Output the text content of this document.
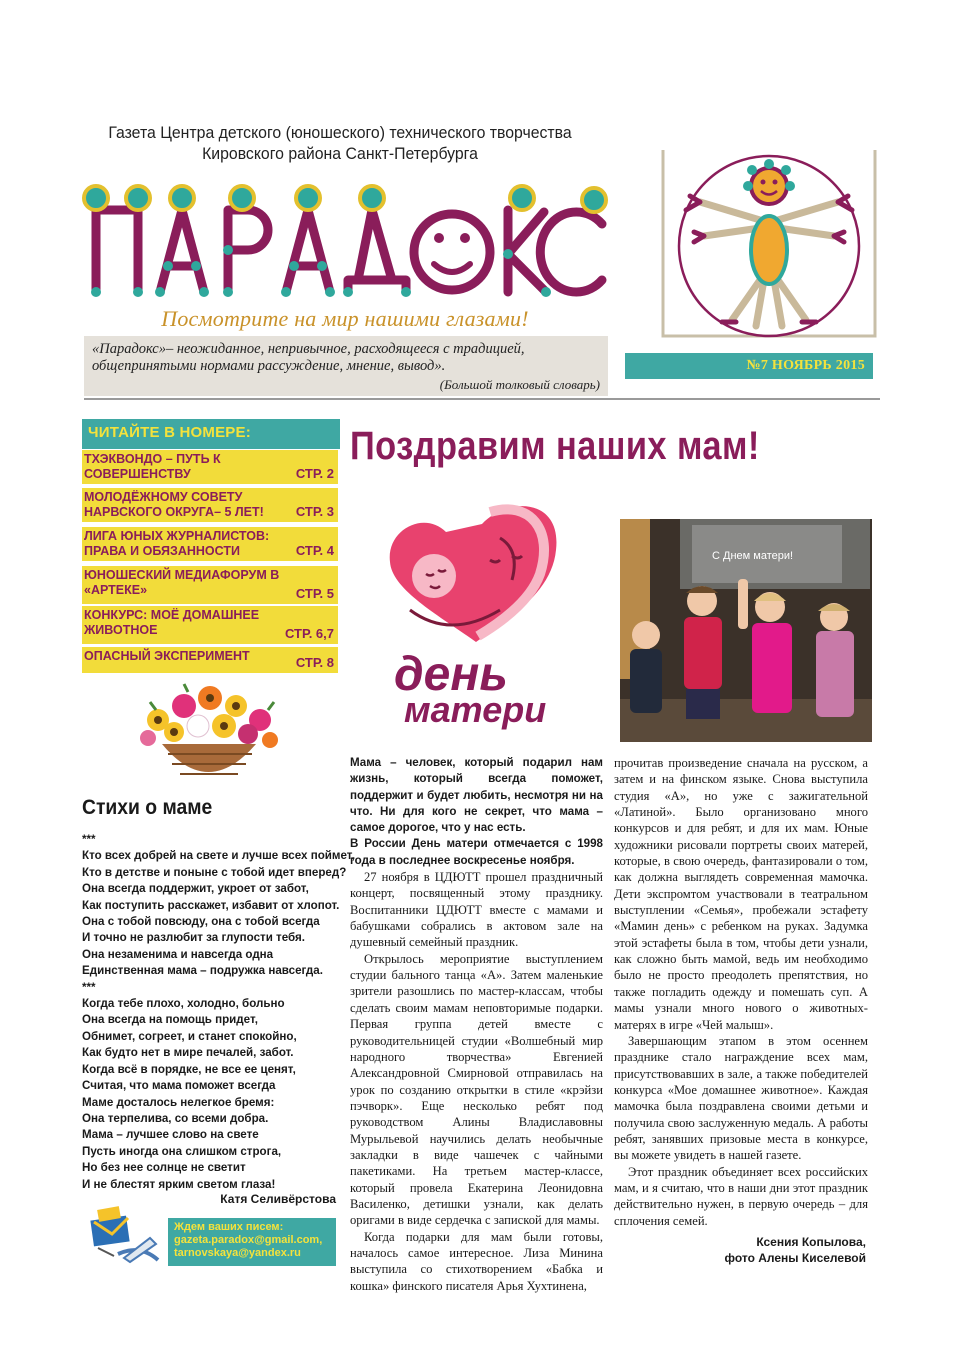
Газета Центра детского (юношеского) технического творчества
Кировского района Санкт-Петербурга
Посмотрите на мир нашими глазами!
«Парадокс»– неожиданное, непривычное, расходящееся с традицией, общепринятыми нормами рассуждение, мнение, вывод».
(Большой толковый словарь)
№7 НОЯБРЬ 2015
ЧИТАЙТЕ В НОМЕРЕ:
ТХЭКВОНДО – ПУТЬ К СОВЕРШЕНСТВУ	СТР. 2
МОЛОДЁЖНОМУ СОВЕТУ НАРВСКОГО ОКРУГА– 5 ЛЕТ!	СТР. 3
ЛИГА ЮНЫХ ЖУРНАЛИСТОВ: ПРАВА И ОБЯЗАННОСТИ	СТР. 4
ЮНОШЕСКИЙ МЕДИАФОРУМ В «АРТЕКЕ»	СТР. 5
КОНКУРС: МОЁ ДОМАШНЕЕ ЖИВОТНОЕ	СТР. 6,7
ОПАСНЫЙ ЭКСПЕРИМЕНТ	СТР. 8
Стихи о маме
***
Кто всех добрей на свете и лучше всех поймет,
Кто в детстве и поныне с тобой идет вперед?
Она всегда поддержит, укроет от забот,
Как поступить расскажет, избавит от хлопот.
Она с тобой повсюду, она с тобой всегда
И точно не разлюбит за глупости тебя.
Она незаменима и навсегда одна
Единственная мама – подружка навсегда.
***
Когда тебе плохо, холодно, больно
Она всегда на помощь придет,
Обнимет, согреет, и станет спокойно,
Как будто нет в мире печалей, забот.
Когда всё в порядке, не все ее ценят,
Считая, что мама поможет всегда
Маме досталось нелегкое бремя:
Она терпелива, со всеми добра.
Мама – лучшее слово на свете
Пусть иногда она слишком строга,
Но без нее солнце не светит
И не блестят ярким светом глаза!
Катя Селивёрстова
Ждем ваших писем:
gazeta.paradox@gmail.com,
tarnovskaya@yandex.ru
Поздравим наших мам!
день
матери
С Днем матери!

Мама – человек, который подарил нам жизнь, который всегда поможет, поддержит и будет любить, несмотря ни на что. Ни для кого не секрет, что мама – самое дорогое, что у нас есть.

В России День матери отмечается с 1998 года в последнее воскресенье ноября.

27 ноября в ЦДЮТТ прошел праздничный концерт, посвященный этому празднику. Воспитанники ЦДЮТТ вместе с мамами и бабушками собрались в актовом зале на душевный семейный праздник.

Открылось мероприятие выступлением студии бального танца «А». Затем маленькие зрители разошлись по мастер-классам, чтобы сделать своим мамам неповторимые подарки. Первая группа детей вместе с руководительницей студии «Волшебный мир народного творчества» Евгенией Александровной Смирновой отправилась на урок по созданию открытки в стиле «крэйзи пэчворк». Еще несколько ребят под руководством Алины Владиславовны Мурыльевой научились делать необычные закладки в виде чашечек с чайными пакетиками. На третьем мастер-классе, который провела Екатерина Леонидовна Василенко, детишки узнали, как делать оригами в виде сердечка с запиской для мамы.

Когда подарки для мам были готовы, началось самое интересное. Лиза Минина выступила со стихотворением «Бабка и кошка» финского писателя Арья Хухтинена,

прочитав произведение сначала на русском, а затем и на финском языке. Снова выступила студия «А», но уже с зажигательной «Латиной». Было организовано много конкурсов и для ребят, и для их мам. Юные художники рисовали портреты своих матерей, которые, в свою очередь, фантазировали о том, как должна выглядеть современная мамочка. Дети экспромтом участвовали в театральном выступлении «Семья», пробежали эстафету «Мамин день» с ребенком на руках. Задумка этой эстафеты была в том, чтобы дети узнали, как сложно быть мамой, ведь им необходимо было не просто преодолеть препятствия, но также погладить одежду и помешать суп. А мамы узнали много нового о животных-матерях в игре «Чей малыш».

Завершающим этапом в этом осеннем празднике стало награждение всех мам, присутствовавших в зале, а также победителей конкурса «Мое домашнее животное». Каждая мамочка была поздравлена своими детьми и получила свою заслуженную медаль. А работы ребят, занявших призовые места в конкурсе, вы можете увидеть в нашей газете.

Этот праздник объединяет всех российских мам, и я считаю, что в наши дни этот праздник действительно нужен, в первую очередь – для сплочения семей.

Ксения Копылова,
фото Алены Киселевой
